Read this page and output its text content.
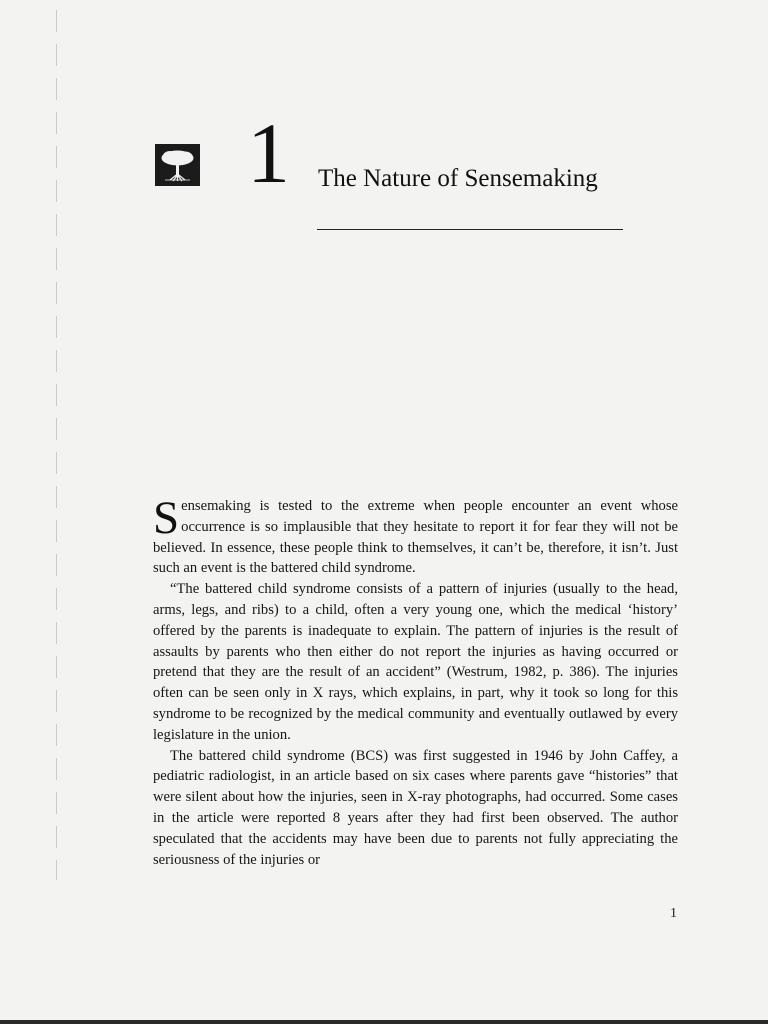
1 The Nature of Sensemaking

Sensemaking is tested to the extreme when people encounter an event whose occurrence is so implausible that they hesitate to report it for fear they will not be believed. In essence, these people think to themselves, it can’t be, therefore, it isn’t. Just such an event is the battered child syndrome.

“The battered child syndrome consists of a pattern of injuries (usually to the head, arms, legs, and ribs) to a child, often a very young one, which the medical ‘history’ offered by the parents is inadequate to explain. The pattern of injuries is the result of assaults by parents who then either do not report the injuries as having occurred or pretend that they are the result of an accident” (Westrum, 1982, p. 386). The injuries often can be seen only in X rays, which explains, in part, why it took so long for this syndrome to be recognized by the medical community and eventually outlawed by every legislature in the union.

The battered child syndrome (BCS) was first suggested in 1946 by John Caffey, a pediatric radiologist, in an article based on six cases where parents gave “histories” that were silent about how the injuries, seen in X-ray photographs, had occurred. Some cases in the article were reported 8 years after they had first been observed. The author speculated that the accidents may have been due to parents not fully appreciating the seriousness of the injuries or

1
